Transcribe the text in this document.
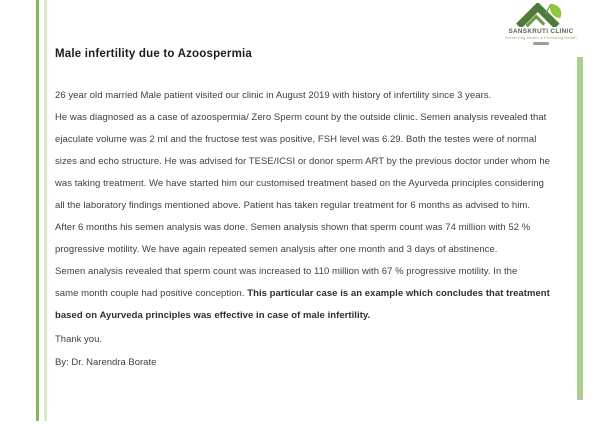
SANSKRUTI CLINIC
Preserving Health & Promoting Health
Male infertility due to Azoospermia
26 year old married Male patient visited our clinic in August 2019 with history of infertility since 3 years.
He was diagnosed as a case of azoospermia/ Zero Sperm count by the outside clinic. Semen analysis revealed that
ejaculate volume was 2 ml and the fructose test was positive, FSH level was 6.29. Both the testes were of normal
sizes and echo structure. He was advised for TESE/ICSI or donor sperm ART by the previous doctor under whom he
was taking treatment. We have started him our customised treatment based on the Ayurveda principles considering
all the laboratory findings mentioned above. Patient has taken regular treatment for 6 months as advised to him.
After 6 months his semen analysis was done. Semen analysis shown that sperm count was 74 million with 52 %
progressive motility. We have again repeated semen analysis after one month and 3 days of abstinence.
Semen analysis revealed that sperm count was increased to 110 million with 67 % progressive motility. In the
same month couple had positive conception. This particular case is an example which concludes that treatment
based on Ayurveda principles was effective in case of male infertility.
Thank you.
By: Dr. Narendra Borate
